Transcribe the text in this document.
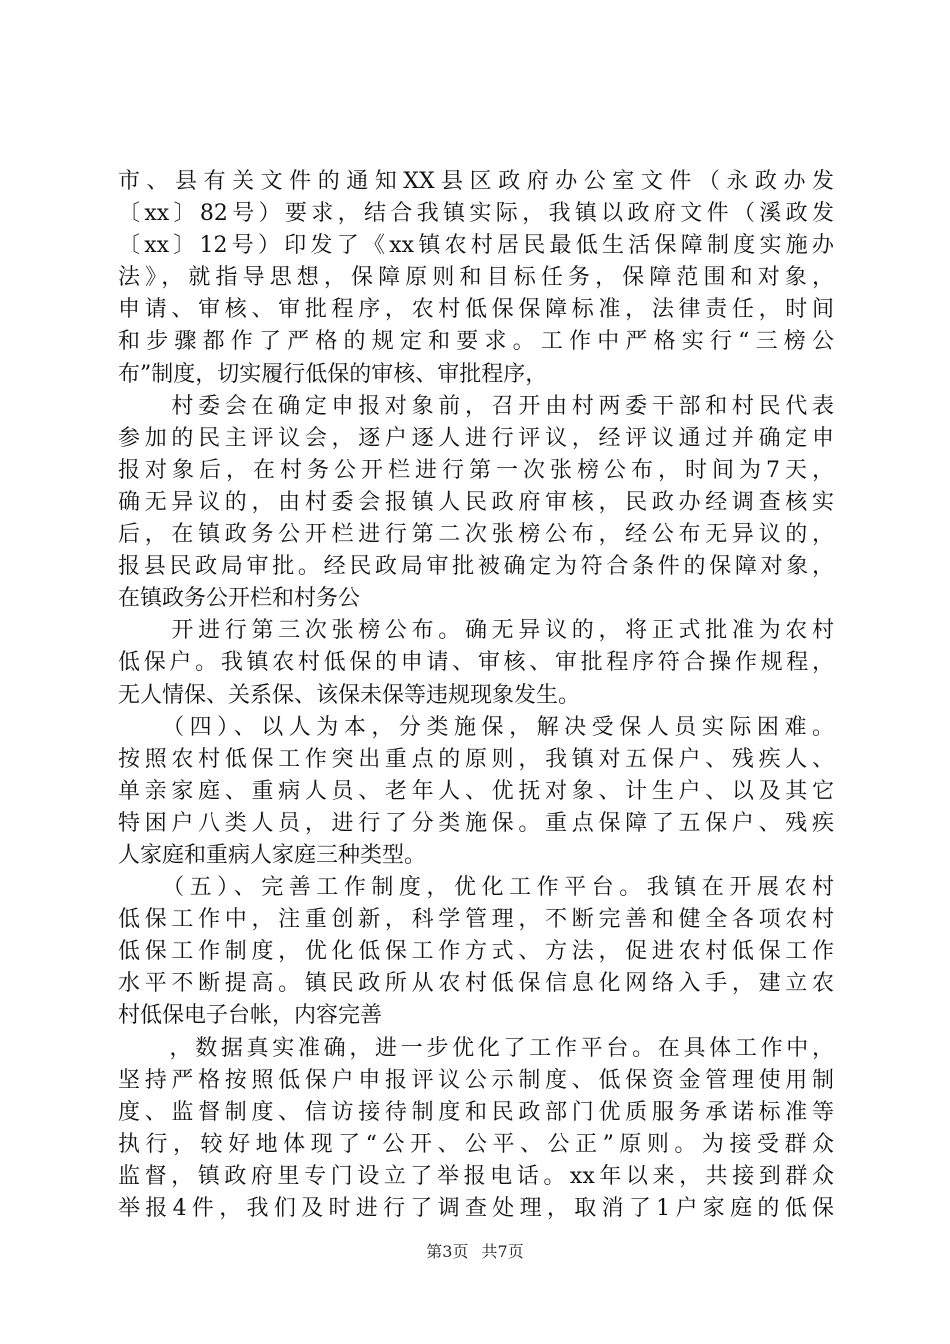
市、县有关文件的通知XX县区政府办公室文件（永政办发
〔xx〕82号）要求，结合我镇实际，我镇以政府文件（溪政发
〔xx〕12号）印发了《xx镇农村居民最低生活保障制度实施办
法》，就指导思想，保障原则和目标任务，保障范围和对象，
申请、审核、审批程序，农村低保保障标准，法律责任，时间
和步骤都作了严格的规定和要求。工作中严格实行“三榜公
布”制度，切实履行低保的审核、审批程序，
　　村委会在确定申报对象前，召开由村两委干部和村民代表
参加的民主评议会，逐户逐人进行评议，经评议通过并确定申
报对象后，在村务公开栏进行第一次张榜公布，时间为7天，
确无异议的，由村委会报镇人民政府审核，民政办经调查核实
后，在镇政务公开栏进行第二次张榜公布，经公布无异议的，
报县民政局审批。经民政局审批被确定为符合条件的保障对象，
在镇政务公开栏和村务公
　　开进行第三次张榜公布。确无异议的，将正式批准为农村
低保户。我镇农村低保的申请、审核、审批程序符合操作规程，
无人情保、关系保、该保未保等违规现象发生。
　　（四）、以人为本，分类施保，解决受保人员实际困难。
按照农村低保工作突出重点的原则，我镇对五保户、残疾人、
单亲家庭、重病人员、老年人、优抚对象、计生户、以及其它
特困户八类人员，进行了分类施保。重点保障了五保户、残疾
人家庭和重病人家庭三种类型。
　　（五）、完善工作制度，优化工作平台。我镇在开展农村
低保工作中，注重创新，科学管理，不断完善和健全各项农村
低保工作制度，优化低保工作方式、方法，促进农村低保工作
水平不断提高。镇民政所从农村低保信息化网络入手，建立农
村低保电子台帐，内容完善
　　，数据真实准确，进一步优化了工作平台。在具体工作中，
坚持严格按照低保户申报评议公示制度、低保资金管理使用制
度、监督制度、信访接待制度和民政部门优质服务承诺标准等
执行，较好地体现了“公开、公平、公正”原则。为接受群众
监督，镇政府里专门设立了举报电话。xx年以来，共接到群众
举报4件，我们及时进行了调查处理，取消了1户家庭的低保
第3页 共7页
